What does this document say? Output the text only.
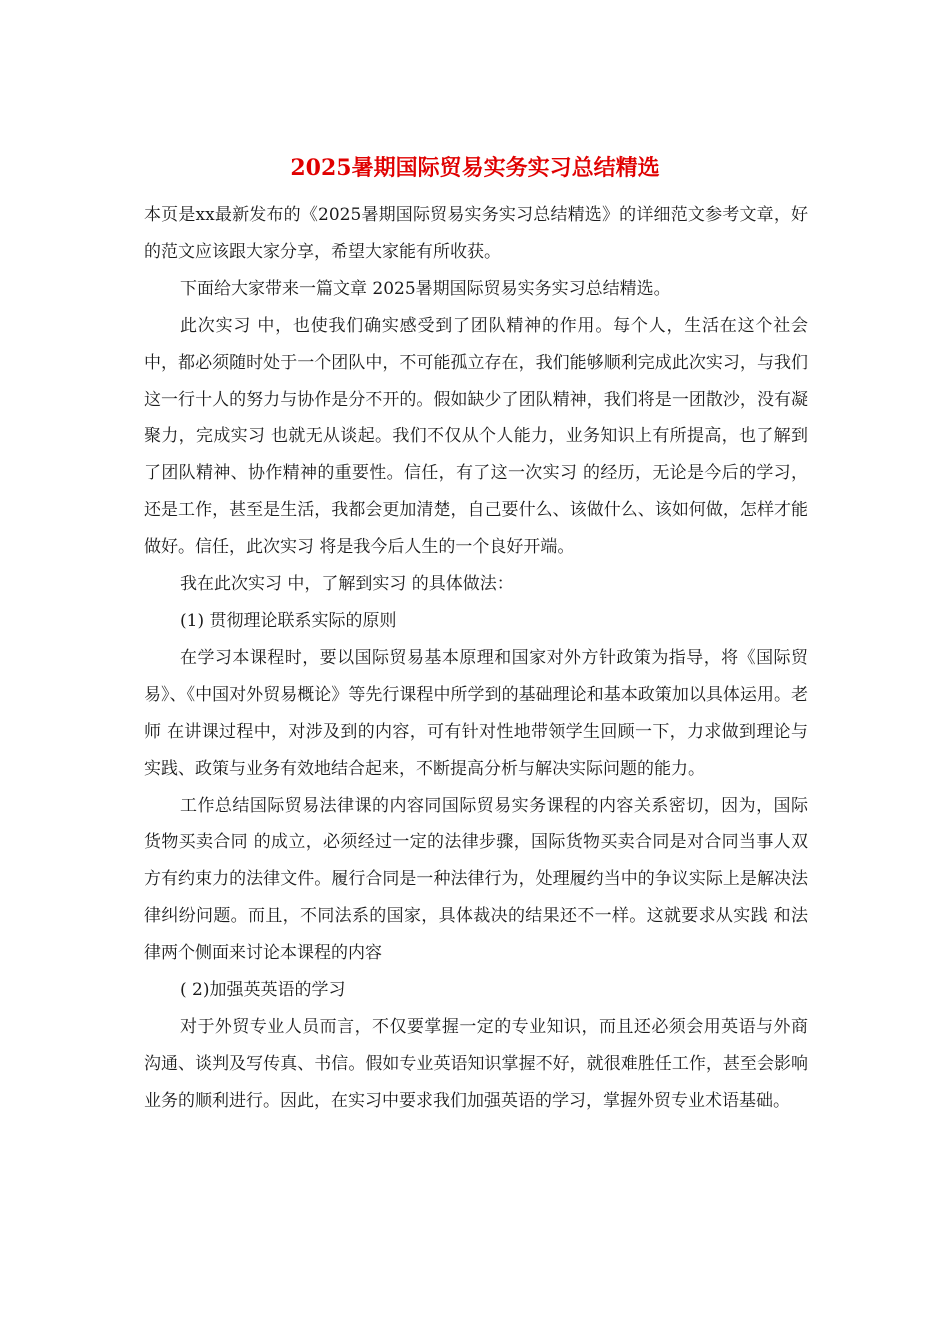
2025暑期国际贸易实务实习总结精选

本页是xx最新发布的《2025暑期国际贸易实务实习总结精选》的详细范文参考文章，好的范文应该跟大家分享，希望大家能有所收获。

下面给大家带来一篇文章 2025暑期国际贸易实务实习总结精选。

此次实习 中，也使我们确实感受到了团队精神的作用。每个人，生活在这个社会中，都必须随时处于一个团队中，不可能孤立存在，我们能够顺利完成此次实习，与我们这一行十人的努力与协作是分不开的。假如缺少了团队精神，我们将是一团散沙，没有凝聚力，完成实习 也就无从谈起。我们不仅从个人能力，业务知识上有所提高，也了解到了团队精神、协作精神的重要性。信任，有了这一次实习 的经历，无论是今后的学习，还是工作，甚至是生活，我都会更加清楚，自己要什么、该做什么、该如何做，怎样才能做好。信任，此次实习 将是我今后人生的一个良好开端。

我在此次实习 中，了解到实习 的具体做法：

(1) 贯彻理论联系实际的原则

在学习本课程时，要以国际贸易基本原理和国家对外方针政策为指导，将《国际贸易》、《中国对外贸易概论》等先行课程中所学到的基础理论和基本政策加以具体运用。老师 在讲课过程中，对涉及到的内容，可有针对性地带领学生回顾一下，力求做到理论与实践、政策与业务有效地结合起来，不断提高分析与解决实际问题的能力。

工作总结国际贸易法律课的内容同国际贸易实务课程的内容关系密切，因为，国际货物买卖合同 的成立，必须经过一定的法律步骤，国际货物买卖合同是对合同当事人双方有约束力的法律文件。履行合同是一种法律行为，处理履约当中的争议实际上是解决法律纠纷问题。而且，不同法系的国家，具体裁决的结果还不一样。这就要求从实践 和法律两个侧面来讨论本课程的内容

( 2)加强英英语的学习

对于外贸专业人员而言，不仅要掌握一定的专业知识，而且还必须会用英语与外商沟通、谈判及写传真、书信。假如专业英语知识掌握不好，就很难胜任工作，甚至会影响业务的顺利进行。因此，在实习中要求我们加强英语的学习，掌握外贸专业术语基础。
